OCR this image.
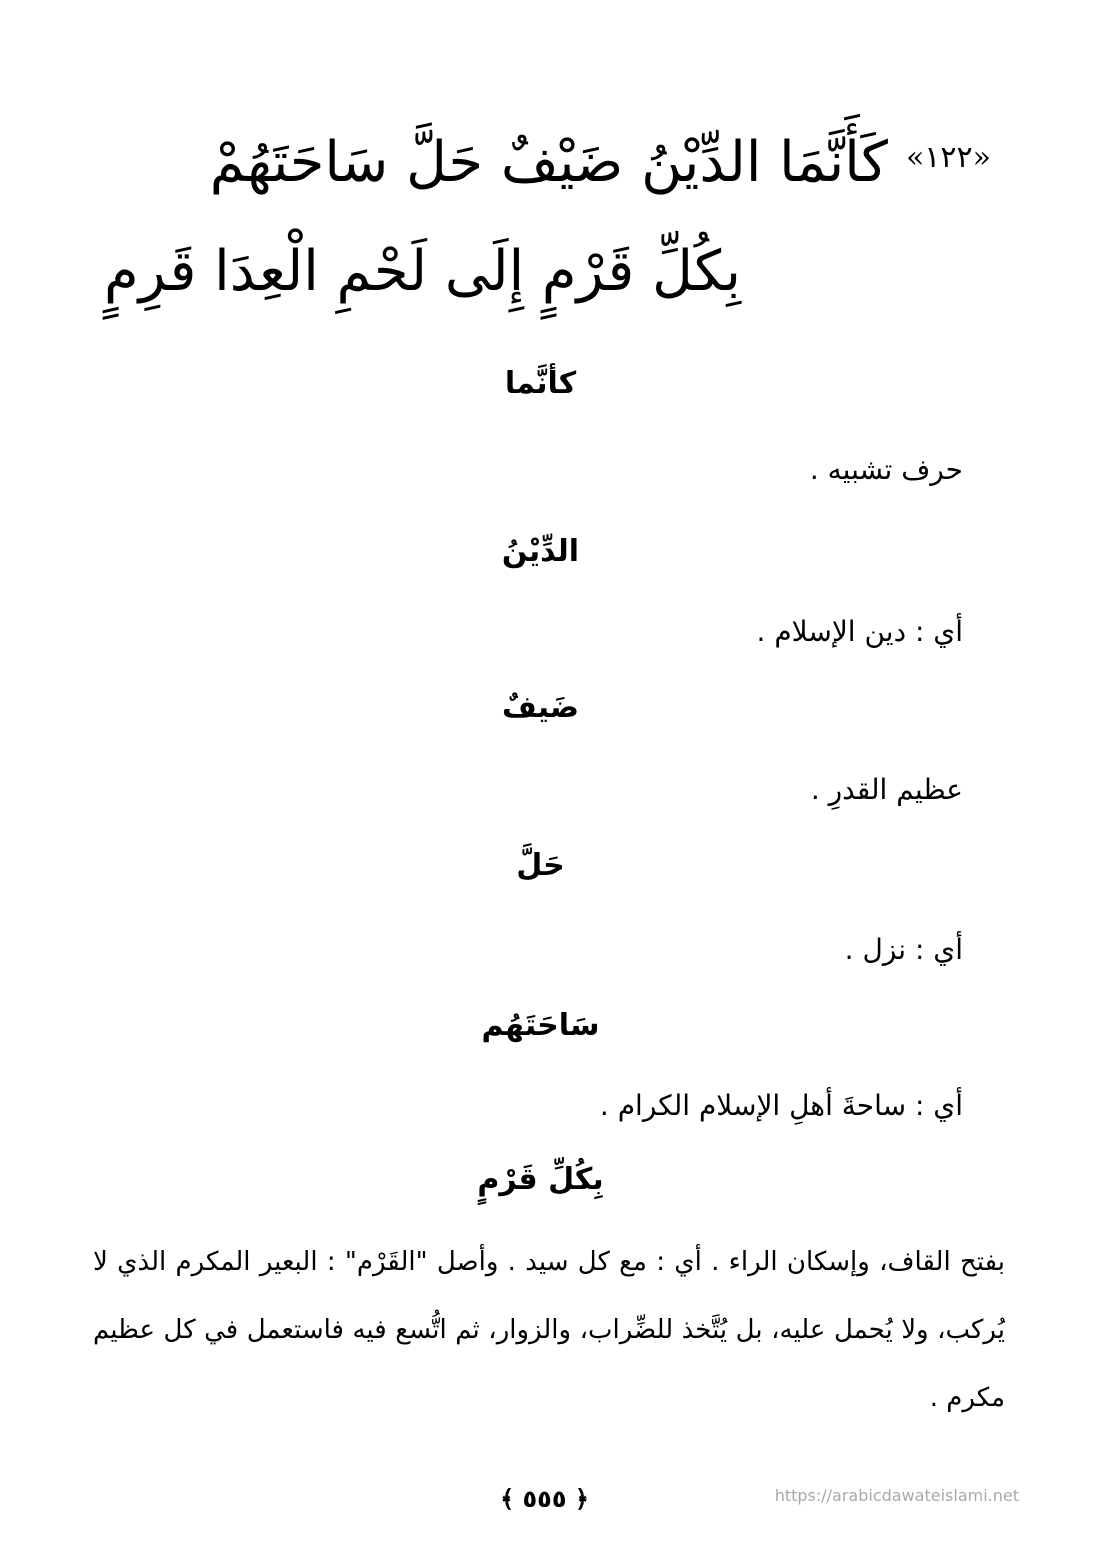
$^{«١٢٢»}$كَأَنَّمَا الدِّيْنُ ضَيْفٌ حَلَّ سَاحَتَهُمْ
بِكُلِّ قَرْمٍ إِلَى لَحْمِ الْعِدَا قَرِمٍ
كأنَّما
حرف تشبيه .
الدِّيْنُ
أي : دين الإسلام .
ضَيفٌ
عظيم القدرِ .
حَلَّ
أي : نزل .
سَاحَتَهُم
أي : ساحةَ أهلِ الإسلام الكرام .
بِكُلِّ قَرْمٍ
بفتح القاف، وإسكان الراء . أي : مع كل سيد . وأصل "القَرْم" : البعير المكرم الذي لا يُركب، ولا يُحمل عليه، بل يُتَّخذ للضِّراب، والزوار، ثم اتُّسع فيه فاستعمل في كل عظيم مكرم .
﴿ ٥٥٥ ﴾	https://arabicdawateislami.net
